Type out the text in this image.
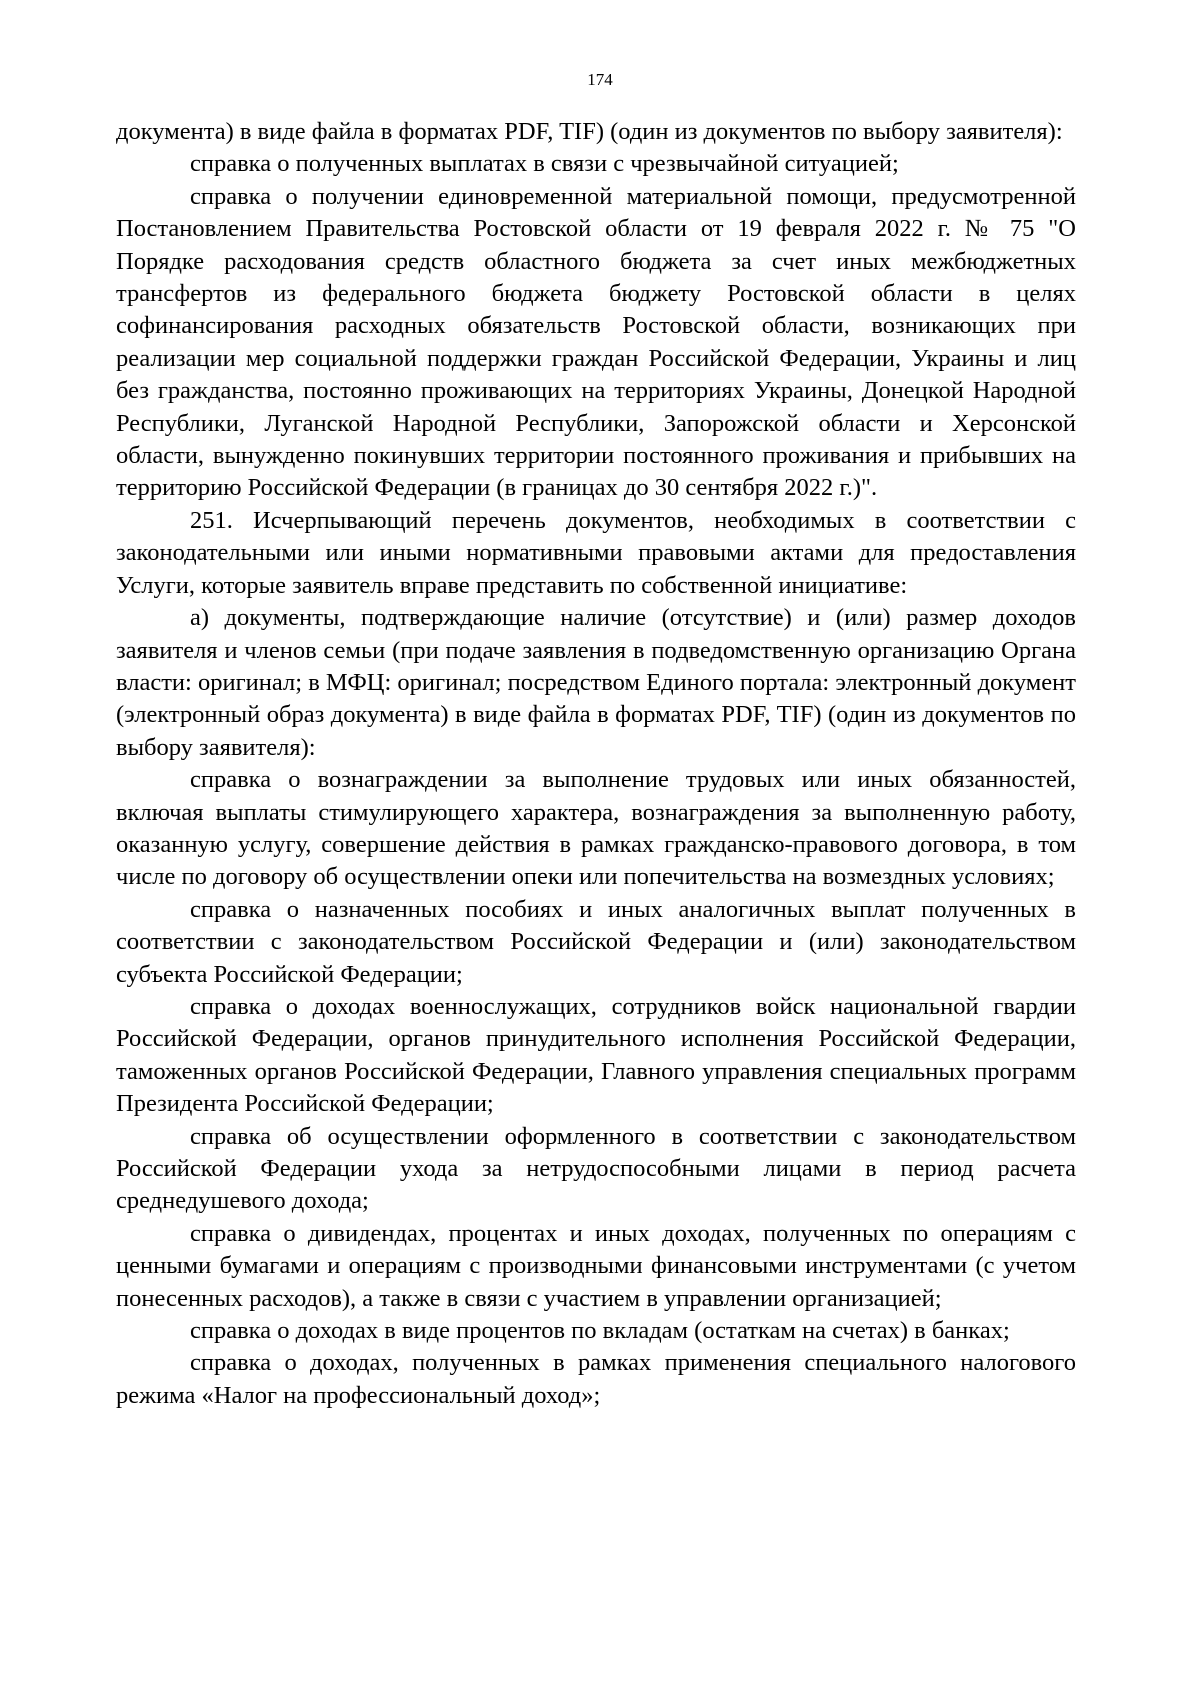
174

документа) в виде файла в форматах PDF, TIF) (один из документов по выбору заявителя):

справка о полученных выплатах в связи с чрезвычайной ситуацией;

справка о получении единовременной материальной помощи, предусмотренной Постановлением Правительства Ростовской области от 19 февраля 2022 г. № 75 "О Порядке расходования средств областного бюджета за счет иных межбюджетных трансфертов из федерального бюджета бюджету Ростовской области в целях софинансирования расходных обязательств Ростовской области, возникающих при реализации мер социальной поддержки граждан Российской Федерации, Украины и лиц без гражданства, постоянно проживающих на территориях Украины, Донецкой Народной Республики, Луганской Народной Республики, Запорожской области и Херсонской области, вынужденно покинувших территории постоянного проживания и прибывших на территорию Российской Федерации (в границах до 30 сентября 2022 г.)".

251. Исчерпывающий перечень документов, необходимых в соответствии с законодательными или иными нормативными правовыми актами для предоставления Услуги, которые заявитель вправе представить по собственной инициативе:

а) документы, подтверждающие наличие (отсутствие) и (или) размер доходов заявителя и членов семьи (при подаче заявления в подведомственную организацию Органа власти: оригинал; в МФЦ: оригинал; посредством Единого портала: электронный документ (электронный образ документа) в виде файла в форматах PDF, TIF) (один из документов по выбору заявителя):

справка о вознаграждении за выполнение трудовых или иных обязанностей, включая выплаты стимулирующего характера, вознаграждения за выполненную работу, оказанную услугу, совершение действия в рамках гражданско-правового договора, в том числе по договору об осуществлении опеки или попечительства на возмездных условиях;

справка о назначенных пособиях и иных аналогичных выплат полученных в соответствии с законодательством Российской Федерации и (или) законодательством субъекта Российской Федерации;

справка о доходах военнослужащих, сотрудников войск национальной гвардии Российской Федерации, органов принудительного исполнения Российской Федерации, таможенных органов Российской Федерации, Главного управления специальных программ Президента Российской Федерации;

справка об осуществлении оформленного в соответствии с законодательством Российской Федерации ухода за нетрудоспособными лицами в период расчета среднедушевого дохода;

справка о дивидендах, процентах и иных доходах, полученных по операциям с ценными бумагами и операциям с производными финансовыми инструментами (с учетом понесенных расходов), а также в связи с участием в управлении организацией;

справка о доходах в виде процентов по вкладам (остаткам на счетах) в банках;

справка о доходах, полученных в рамках применения специального налогового режима «Налог на профессиональный доход»;
